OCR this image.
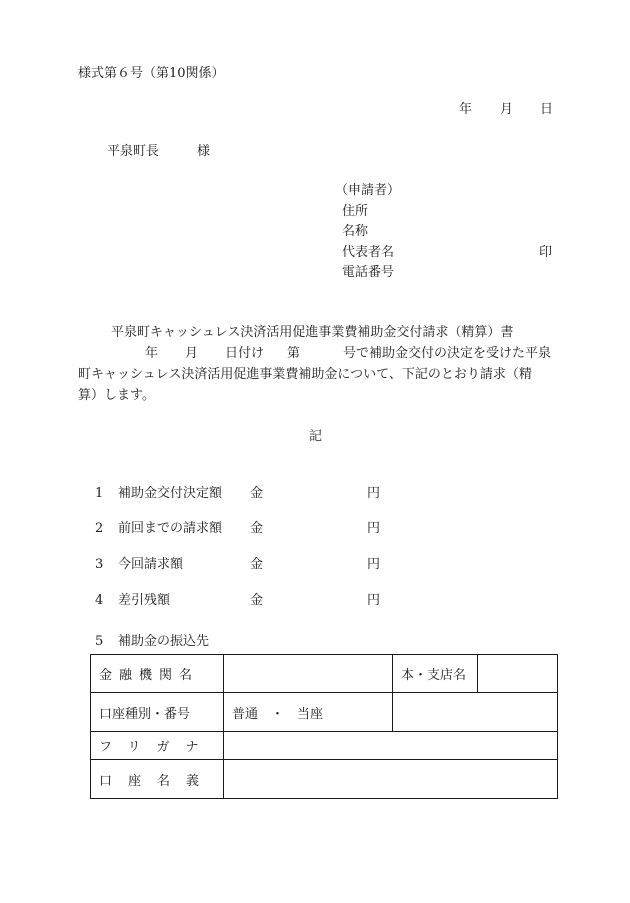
様式第６号（第10関係）
年 月 日
平泉町長	様
（申請者）
住所
名称
代表者名	印
電話番号
平泉町キャッシュレス決済活用促進事業費補助金交付請求（精算）書
年 月 日付け 第	号で補助金交付の決定を受けた平泉
町キャッシュレス決済活用促進事業費補助金について、下記のとおり請求（精
算）します。
記
1 補助金交付決定額 金	円
2 前回までの請求額 金	円
3 今回請求額	金	円
4 差引残額	金	円
5 補助金の振込先
金融機関名		本・支店名	
口座種別・番号	普通　・　当座		
フリガナ			
口座名義			
